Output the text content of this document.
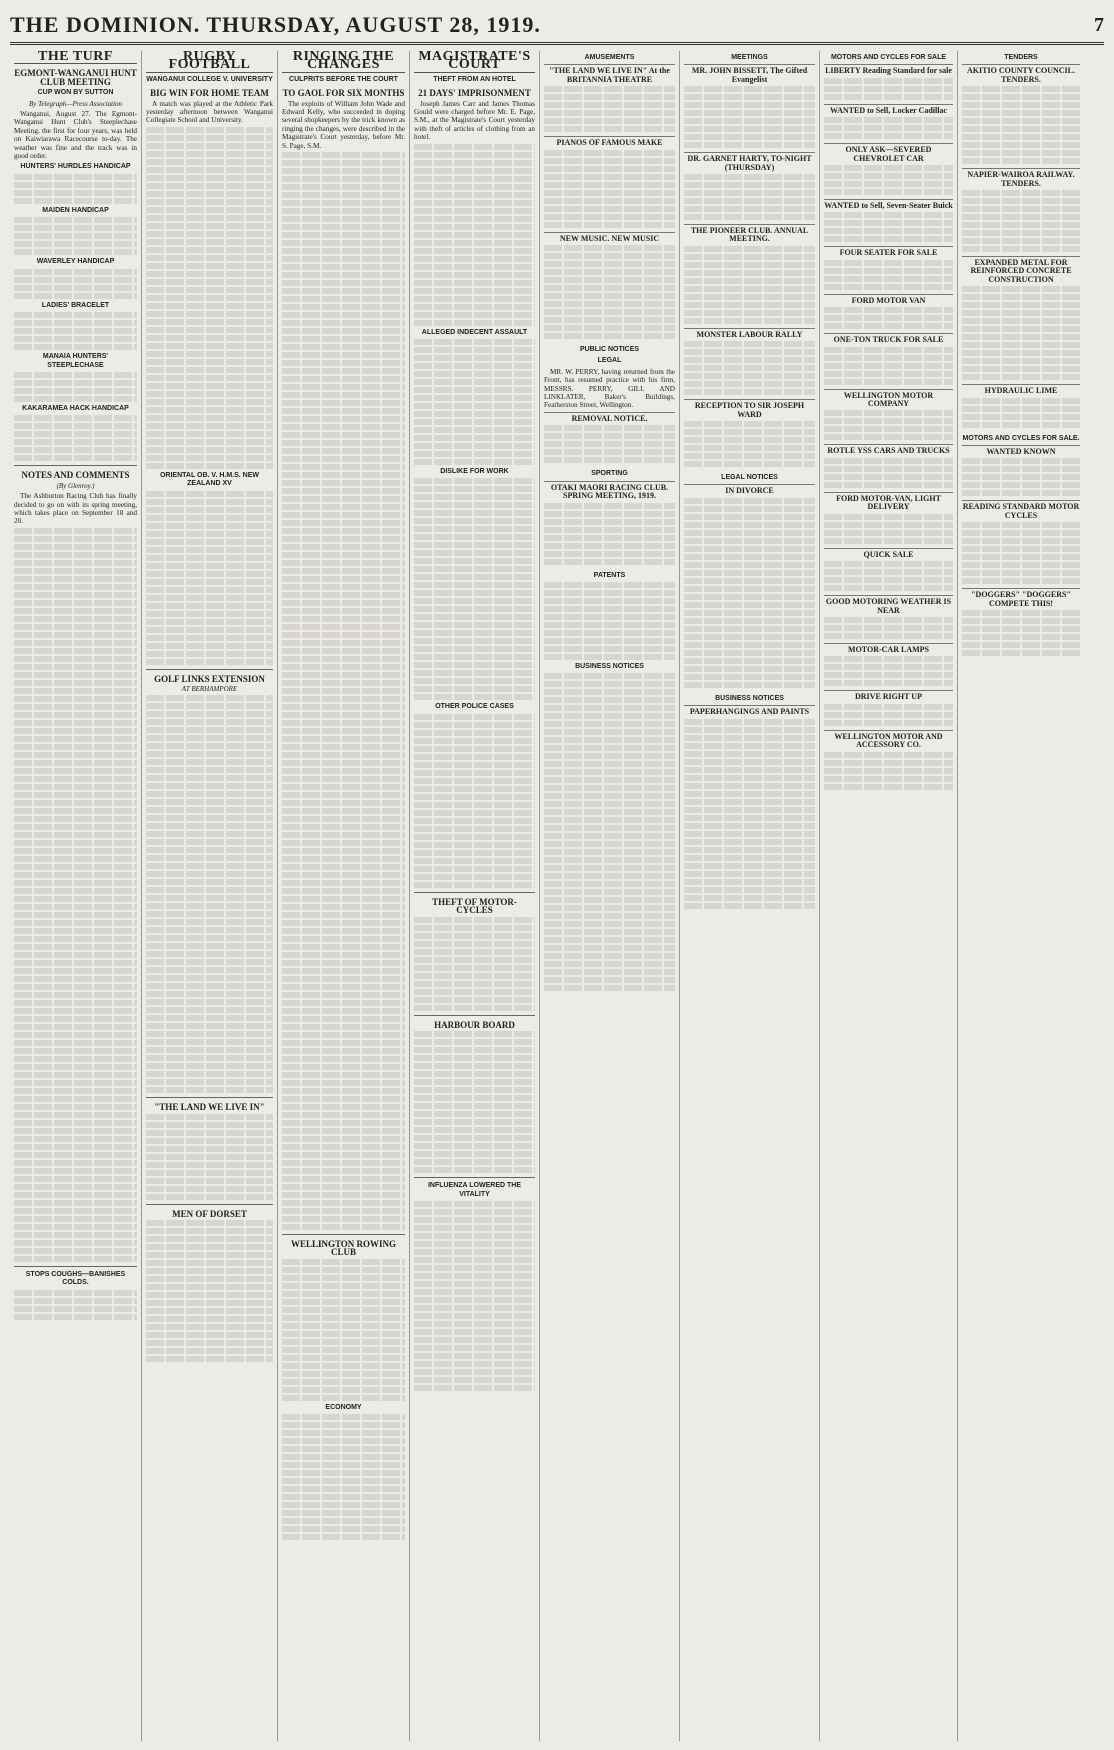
THE DOMINION. THURSDAY, AUGUST 28, 1919.	7
THE TURF
EGMONT-WANGANUI HUNT CLUB MEETING
CUP WON BY SUTTON
By Telegraph—Press Association

Wanganui, August 27. The Egmont-Wanganui Hunt Club's Steeplechase Meeting, the first for four years, was held on Kaiwiarawa Racecourse to-day. The weather was fine and the track was in good order.

HUNTERS' HURDLES HANDICAP
MAIDEN HANDICAP
WAVERLEY HANDICAP
LADIES' BRACELET
MANAIA HUNTERS' STEEPLECHASE
KAKARAMEA HACK HANDICAP
NOTES AND COMMENTS
(By Glenroy.)

The Ashburton Racing Club has finally decided to go on with its spring meeting, which takes place on September 18 and 20.

STOPS COUGHS—BANISHES COLDS.
RUGBY FOOTBALL
WANGANUI COLLEGE V. UNIVERSITY
BIG WIN FOR HOME TEAM

A match was played at the Athletic Park yesterday afternoon between Wanganui Collegiate School and University.

ORIENTAL OB. V. H.M.S. NEW ZEALAND XV
GOLF LINKS EXTENSION
AT BERHAMPORE
"THE LAND WE LIVE IN"
MEN OF DORSET
RINGING THE CHANGES
CULPRITS BEFORE THE COURT
TO GAOL FOR SIX MONTHS

The exploits of William John Wade and Edward Kelly, who succeeded in doping several shopkeepers by the trick known as ringing the changes, were described in the Magistrate's Court yesterday, before Mr. S. Page, S.M.

WELLINGTON ROWING CLUB
ECONOMY
MAGISTRATE'S COURT
THEFT FROM AN HOTEL
21 DAYS' IMPRISONMENT

Joseph James Carr and James Thomas Gould were charged before Mr. E. Page, S.M., at the Magistrate's Court yesterday with theft of articles of clothing from an hotel.

ALLEGED INDECENT ASSAULT
DISLIKE FOR WORK
OTHER POLICE CASES
THEFT OF MOTOR-CYCLES
HARBOUR BOARD
INFLUENZA LOWERED THE VITALITY
AMUSEMENTS
"THE LAND WE LIVE IN" At the BRITANNIA THEATRE
PIANOS OF FAMOUS MAKE
NEW MUSIC. NEW MUSIC
PUBLIC NOTICES
LEGAL

MR. W. PERRY, having returned from the Front, has resumed practice with his firm, MESSRS. PERRY, GILL AND LINKLATER, Baker's Buildings, Featherston Street, Wellington.

REMOVAL NOTICE.
SPORTING
OTAKI MAORI RACING CLUB. SPRING MEETING, 1919.
PATENTS
BUSINESS NOTICES
MEETINGS
MR. JOHN BISSETT, The Gifted Evangelist
DR. GARNET HARTY, TO-NIGHT (THURSDAY)
THE PIONEER CLUB. ANNUAL MEETING.
MONSTER LABOUR RALLY
RECEPTION TO SIR JOSEPH WARD
LEGAL NOTICES
IN DIVORCE
BUSINESS NOTICES
PAPERHANGINGS AND PAINTS
MOTORS AND CYCLES FOR SALE
LIBERTY Reading Standard for sale
WANTED to Sell, Locker Cadillac
ONLY ASK—SEVERED CHEVROLET CAR
WANTED to Sell, Seven-Seater Buick
FOUR SEATER FOR SALE
FORD MOTOR VAN
ONE-TON TRUCK FOR SALE
WELLINGTON MOTOR COMPANY
ROTLE YSS CARS AND TRUCKS
FORD MOTOR-VAN, LIGHT DELIVERY
QUICK SALE
GOOD MOTORING WEATHER IS NEAR
MOTOR-CAR LAMPS
DRIVE RIGHT UP
WELLINGTON MOTOR AND ACCESSORY CO.
TENDERS
AKITIO COUNTY COUNCIL. TENDERS.
NAPIER-WAIROA RAILWAY. TENDERS.
EXPANDED METAL FOR REINFORCED CONCRETE CONSTRUCTION
HYDRAULIC LIME
MOTORS AND CYCLES FOR SALE.
WANTED KNOWN
READING STANDARD MOTOR CYCLES
"DOGGERS" "DOGGERS" COMPETE THIS!
